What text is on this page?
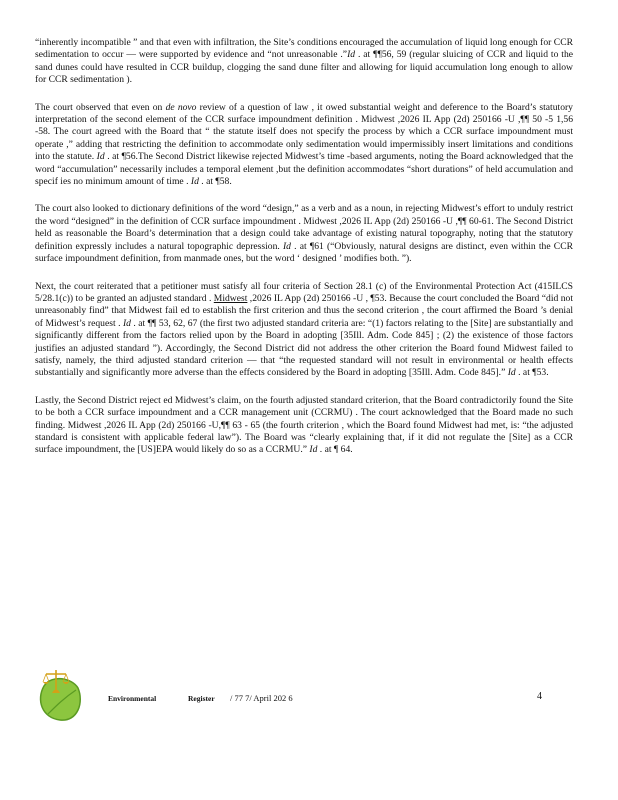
“inherently incompatible ” and that even with infiltration, the Site’s conditions encouraged the accumulation of liquid long enough for CCR sedimentation to occur — were supported by evidence and “not unreasonable .”Id . at ¶¶56, 59 (regular sluicing of CCR and liquid to the sand dunes could have resulted in CCR buildup, clogging the sand dune filter and allowing for liquid accumulation long enough to allow for CCR sedimentation ).

The court observed that even on de novo review of a question of law , it owed substantial weight and deference to the Board’s statutory interpretation of the second element of the CCR surface impoundment definition . Midwest ,2026 IL App (2d) 250166 -U ,¶¶ 50 -5 1,56 -58. The court agreed with the Board that “ the statute itself does not specify the process by which a CCR surface impoundment must operate ,” adding that restricting the definition to accommodate only sedimentation would impermissibly insert limitations and conditions into the statute. Id . at ¶56.The Second District likewise rejected Midwest’s time -based arguments, noting the Board acknowledged that the word “accumulation” necessarily includes a temporal element ,but the definition accommodates “short durations” of held accumulation and specif ies no minimum amount of time . Id . at ¶58.

The court also looked to dictionary definitions of the word “design,” as a verb and as a noun, in rejecting Midwest’s effort to unduly restrict the word “designed” in the definition of CCR surface impoundment . Midwest ,2026 IL App (2d) 250166 -U ,¶¶ 60-61. The Second District held as reasonable the Board’s determination that a design could take advantage of existing natural topography, noting that the statutory definition expressly includes a natural topographic depression. Id . at ¶61 (“Obviously, natural designs are distinct, even within the CCR surface impoundment definition, from manmade ones, but the word ‘ designed ’ modifies both. ”).

Next, the court reiterated that a petitioner must satisfy all four criteria of Section 28.1 (c) of the Environmental Protection Act (415ILCS 5/28.1(c)) to be granted an adjusted standard . Midwest ,2026 IL App (2d) 250166 -U , ¶53. Because the court concluded the Board “did not unreasonably find” that Midwest fail ed to establish the first criterion and thus the second criterion , the court affirmed the Board ’s denial of Midwest’s request . Id . at ¶¶ 53, 62, 67 (the first two adjusted standard criteria are: “(1) factors relating to the [Site] are substantially and significantly different from the factors relied upon by the Board in adopting [35Ill. Adm. Code 845] ; (2) the existence of those factors justifies an adjusted standard ”). Accordingly, the Second District did not address the other criterion the Board found Midwest failed to satisfy, namely, the third adjusted standard criterion — that “the requested standard will not result in environmental or health effects substantially and significantly more adverse than the effects considered by the Board in adopting [35Ill. Adm. Code 845].” Id . at ¶53.

Lastly, the Second District reject ed Midwest’s claim, on the fourth adjusted standard criterion, that the Board contradictorily found the Site to be both a CCR surface impoundment and a CCR management unit (CCRMU) . The court acknowledged that the Board made no such finding. Midwest ,2026 IL App (2d) 250166 -U,¶¶ 63 - 65 (the fourth criterion , which the Board found Midwest had met, is: “the adjusted standard is consistent with applicable federal law”). The Board was “clearly explaining that, if it did not regulate the [Site] as a CCR surface impoundment, the [US]EPA would likely do so as a CCRMU.” Id . at ¶ 64.

Environmental	Register / 77 7/ April 202 6	4
